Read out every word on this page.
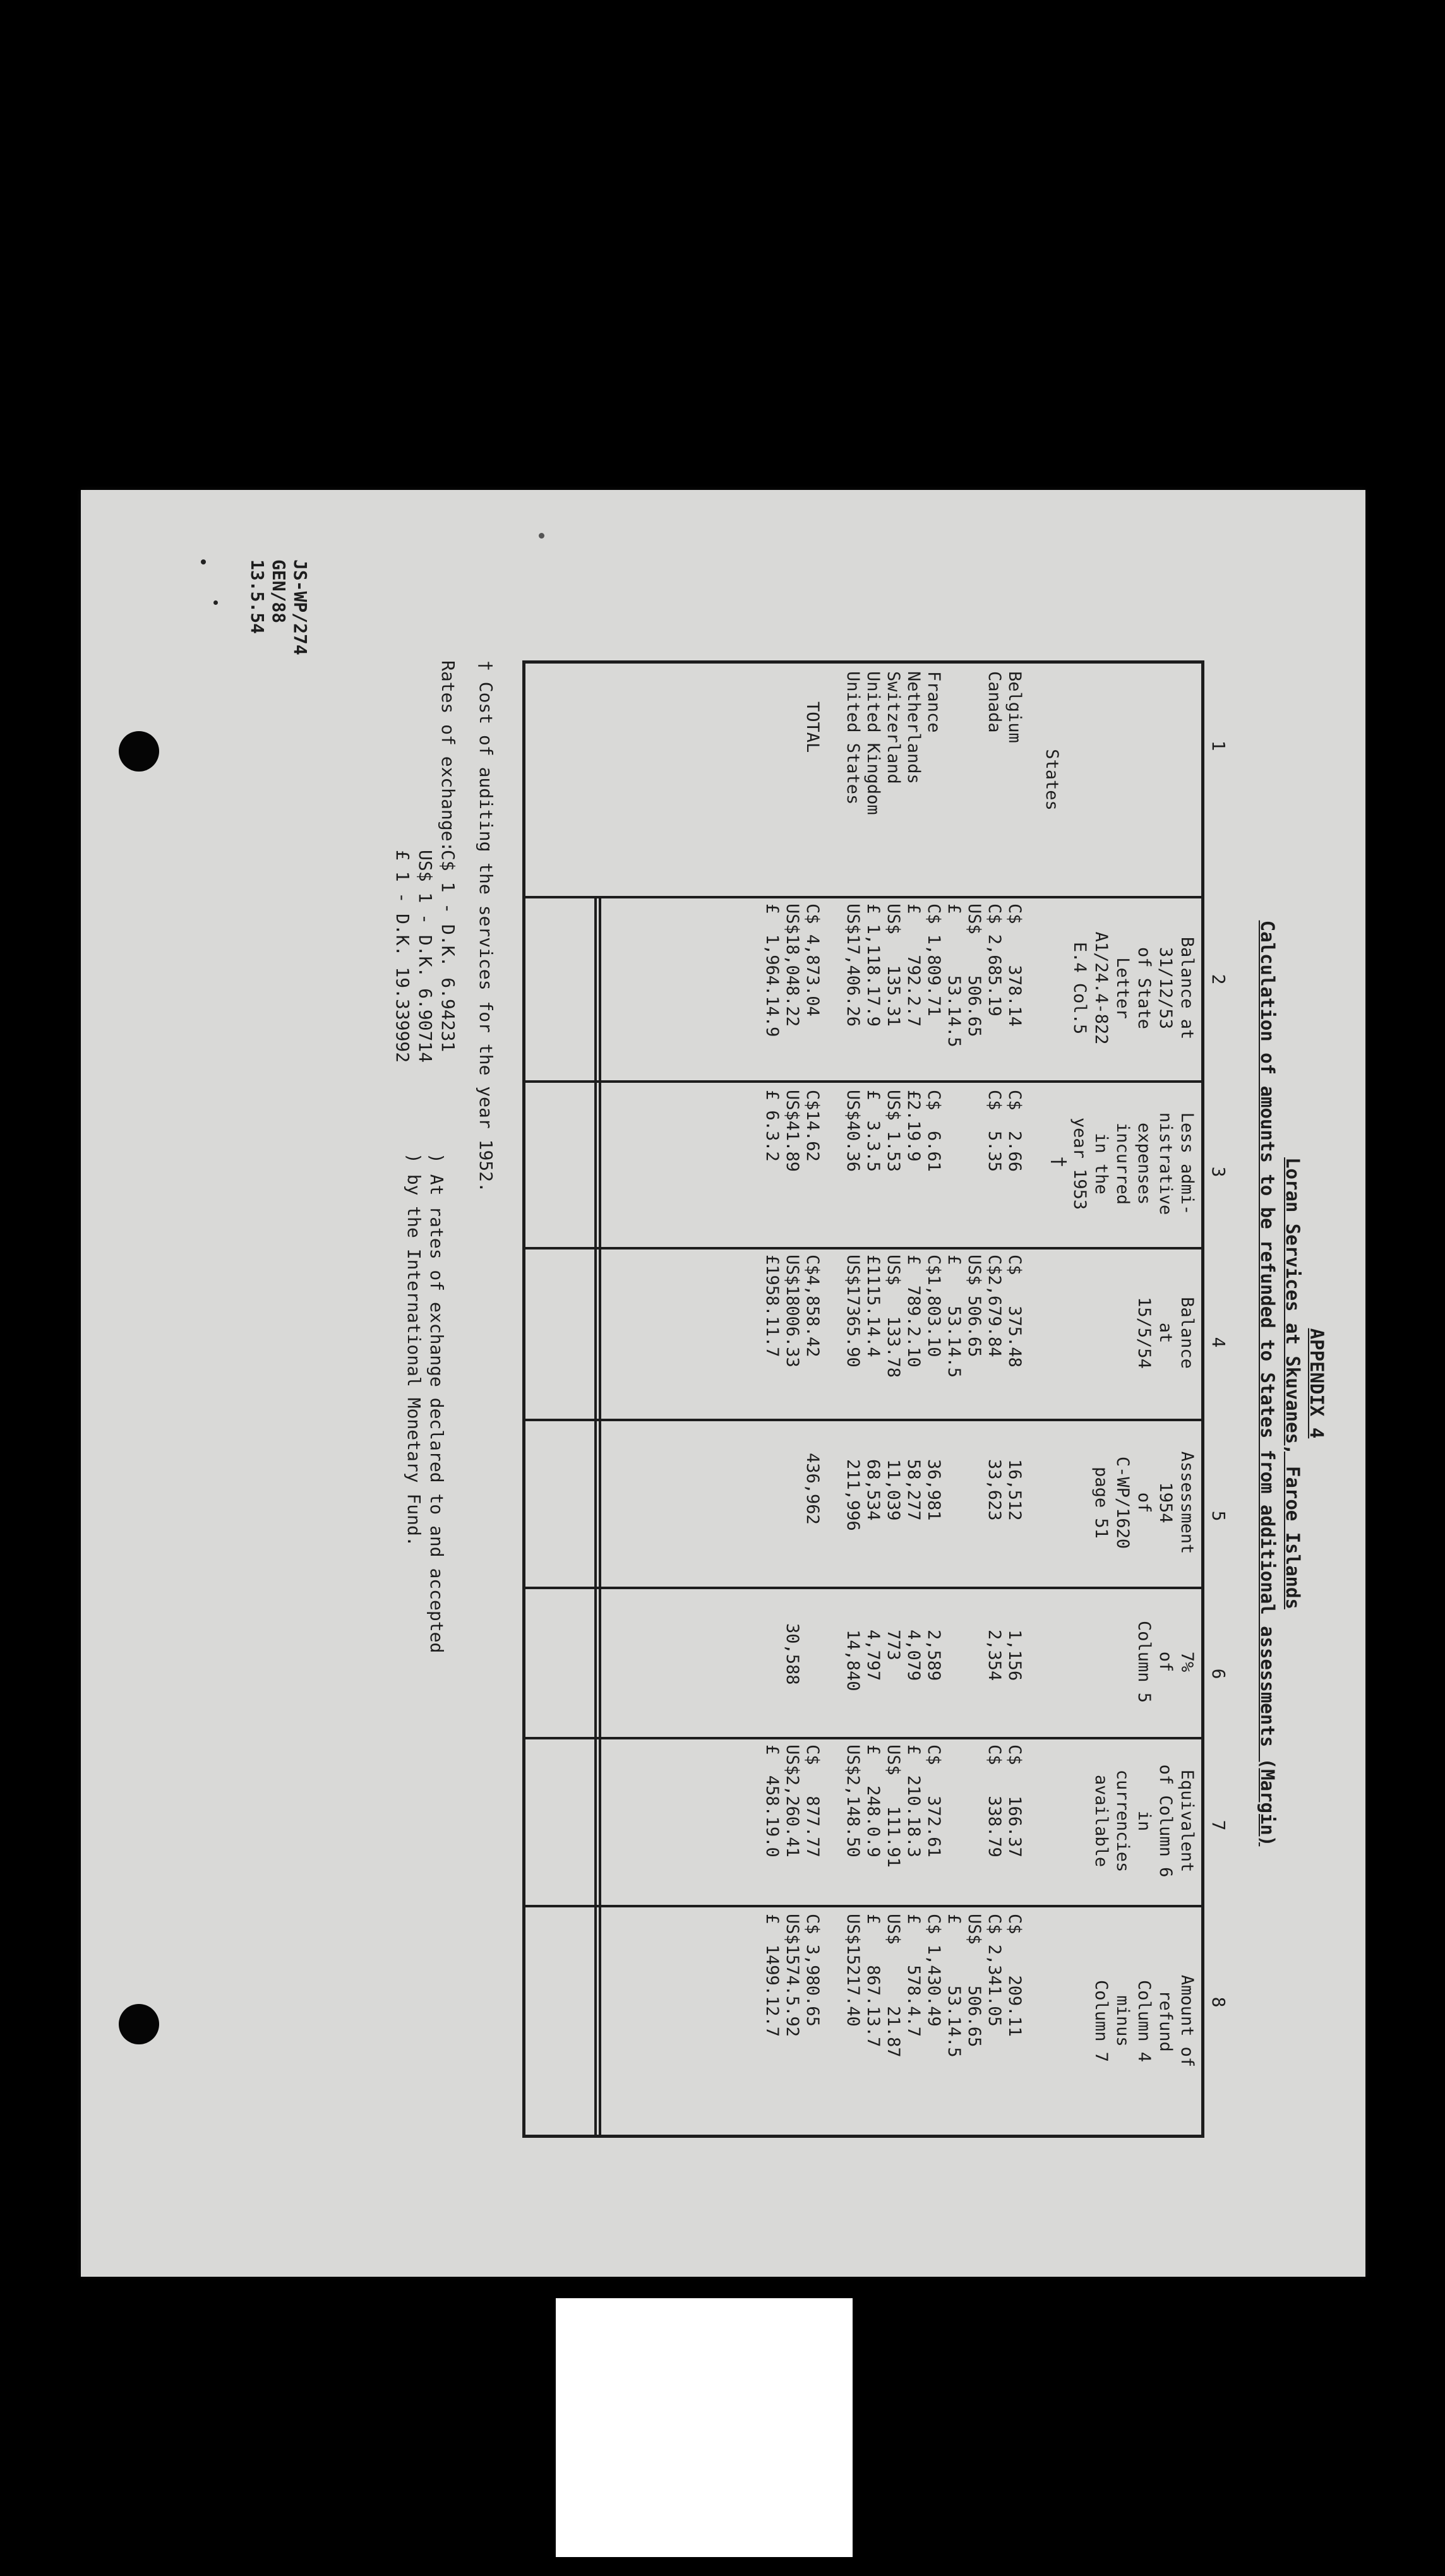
JS-WP/274
GEN/88
13.5.54
APPENDIX 4
Loran Services at Skuvanes, Faroe Islands
Calculation of amounts to be refunded to States from additional assessments (Margin)
1
2
3
4
5
6
7
8
States
Balance at
31/12/53
of State
Letter
A1/24.4-822
E.4 Col.5
Less admi-
nistrative
expenses
incurred
in the
year 1953
†
Balance
at
15/5/54
Assessment
1954
of
C-WP/1620
page 51
7%
of
Column 5
Equivalent
of Column 6
in
currencies
available
Amount of
refund
Column 4
minus
Column 7
Belgium
C$    378.14
C$  2.66
C$   375.48
16,512
1,156
C$   166.37
C$    209.11
Canada
C$ 2,685.19
C$  5.35
C$2,679.84
33,623
2,354
C$   338.79
C$ 2,341.05
US$    506.65
US$ 506.65
US$    506.65
£      53.14.5
£    53.14.5
£      53.14.5
France
C$ 1,809.71
C$  6.61
C$1,803.10
36,981
2,589
C$   372.61
C$ 1,430.49
Netherlands
£    792.2.7
£2.19.9
£  789.2.10
58,277
4,079
£  210.18.3
£    578.4.7
Switzerland
US$   135.31
US$ 1.53
US$   133.78
11,039
773
US$   111.91
US$      21.87
United Kingdom
£ 1,118.17.9
£  3.3.5
£1115.14.4
68,534
4,797
£   248.0.9
£    867.13.7
United States
US$17,406.26
US$40.36
US$17365.90
211,996
14,840
US$2,148.50
US$15217.40
TOTAL
C$ 4,873.04
US$18,048.22
£  1,964.14.9
C$14.62
US$41.89
£ 6.3.2
C$4,858.42
US$18006.33
£1958.11.7
436,962
30,588
C$   877.77
US$2,260.41
£  458.19.0
C$ 3,980.65
US$1574.5.92
£  1499.12.7
† Cost of auditing the services for the year 1952.
Rates of exchange:
C$ 1 - D.K. 6.94231
US$ 1 - D.K. 6.90714
£ 1 - D.K. 19.339992
) At rates of exchange declared to and accepted
) by the International Monetary Fund.
